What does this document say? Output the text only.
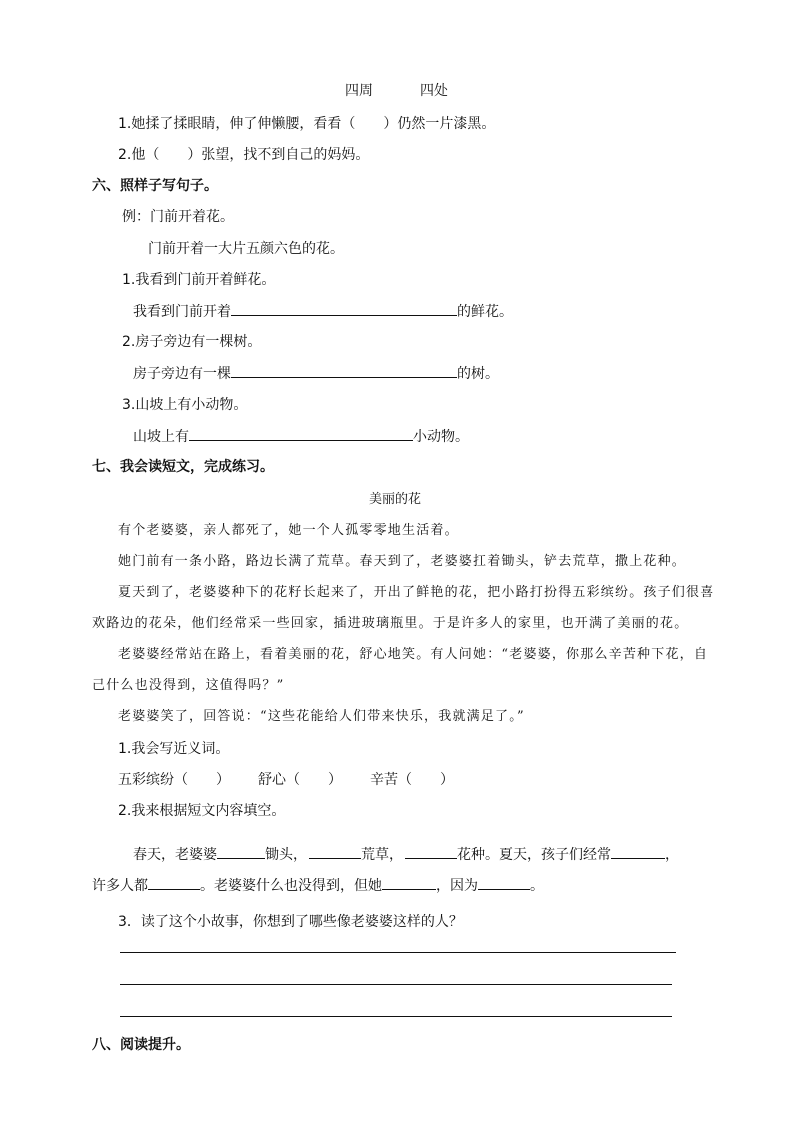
四周	四处
1.她揉了揉眼睛，伸了伸懒腰，看看（　　）仍然一片漆黑。
2.他（　　）张望，找不到自己的妈妈。
六、照样子写句子。
例：门前开着花。
门前开着一大片五颜六色的花。
1.我看到门前开着鲜花。
我看到门前开着	的鲜花。
2.房子旁边有一棵树。
房子旁边有一棵	的树。
3.山坡上有小动物。
山坡上有	小动物。
七、我会读短文，完成练习。
美丽的花
有个老婆婆，亲人都死了，她一个人孤零零地生活着。
她门前有一条小路，路边长满了荒草。春天到了，老婆婆扛着锄头，铲去荒草，撒上花种。
夏天到了，老婆婆种下的花籽长起来了，开出了鲜艳的花，把小路打扮得五彩缤纷。孩子们很喜
欢路边的花朵，他们经常采一些回家，插进玻璃瓶里。于是许多人的家里，也开满了美丽的花。
老婆婆经常站在路上，看着美丽的花，舒心地笑。有人问她：“老婆婆，你那么辛苦种下花，自
己什么也没得到，这值得吗？”
老婆婆笑了，回答说：“这些花能给人们带来快乐，我就满足了。”
1.我会写近义词。
五彩缤纷（　　） 舒心（　　） 辛苦（　　）
2.我来根据短文内容填空。
春天，老婆婆	锄头，	荒草，	花种。夏天，孩子们经常	，
许多人都	。老婆婆什么也没得到，但她	，因为	。
3．读了这个小故事，你想到了哪些像老婆婆这样的人？
八、阅读提升。
